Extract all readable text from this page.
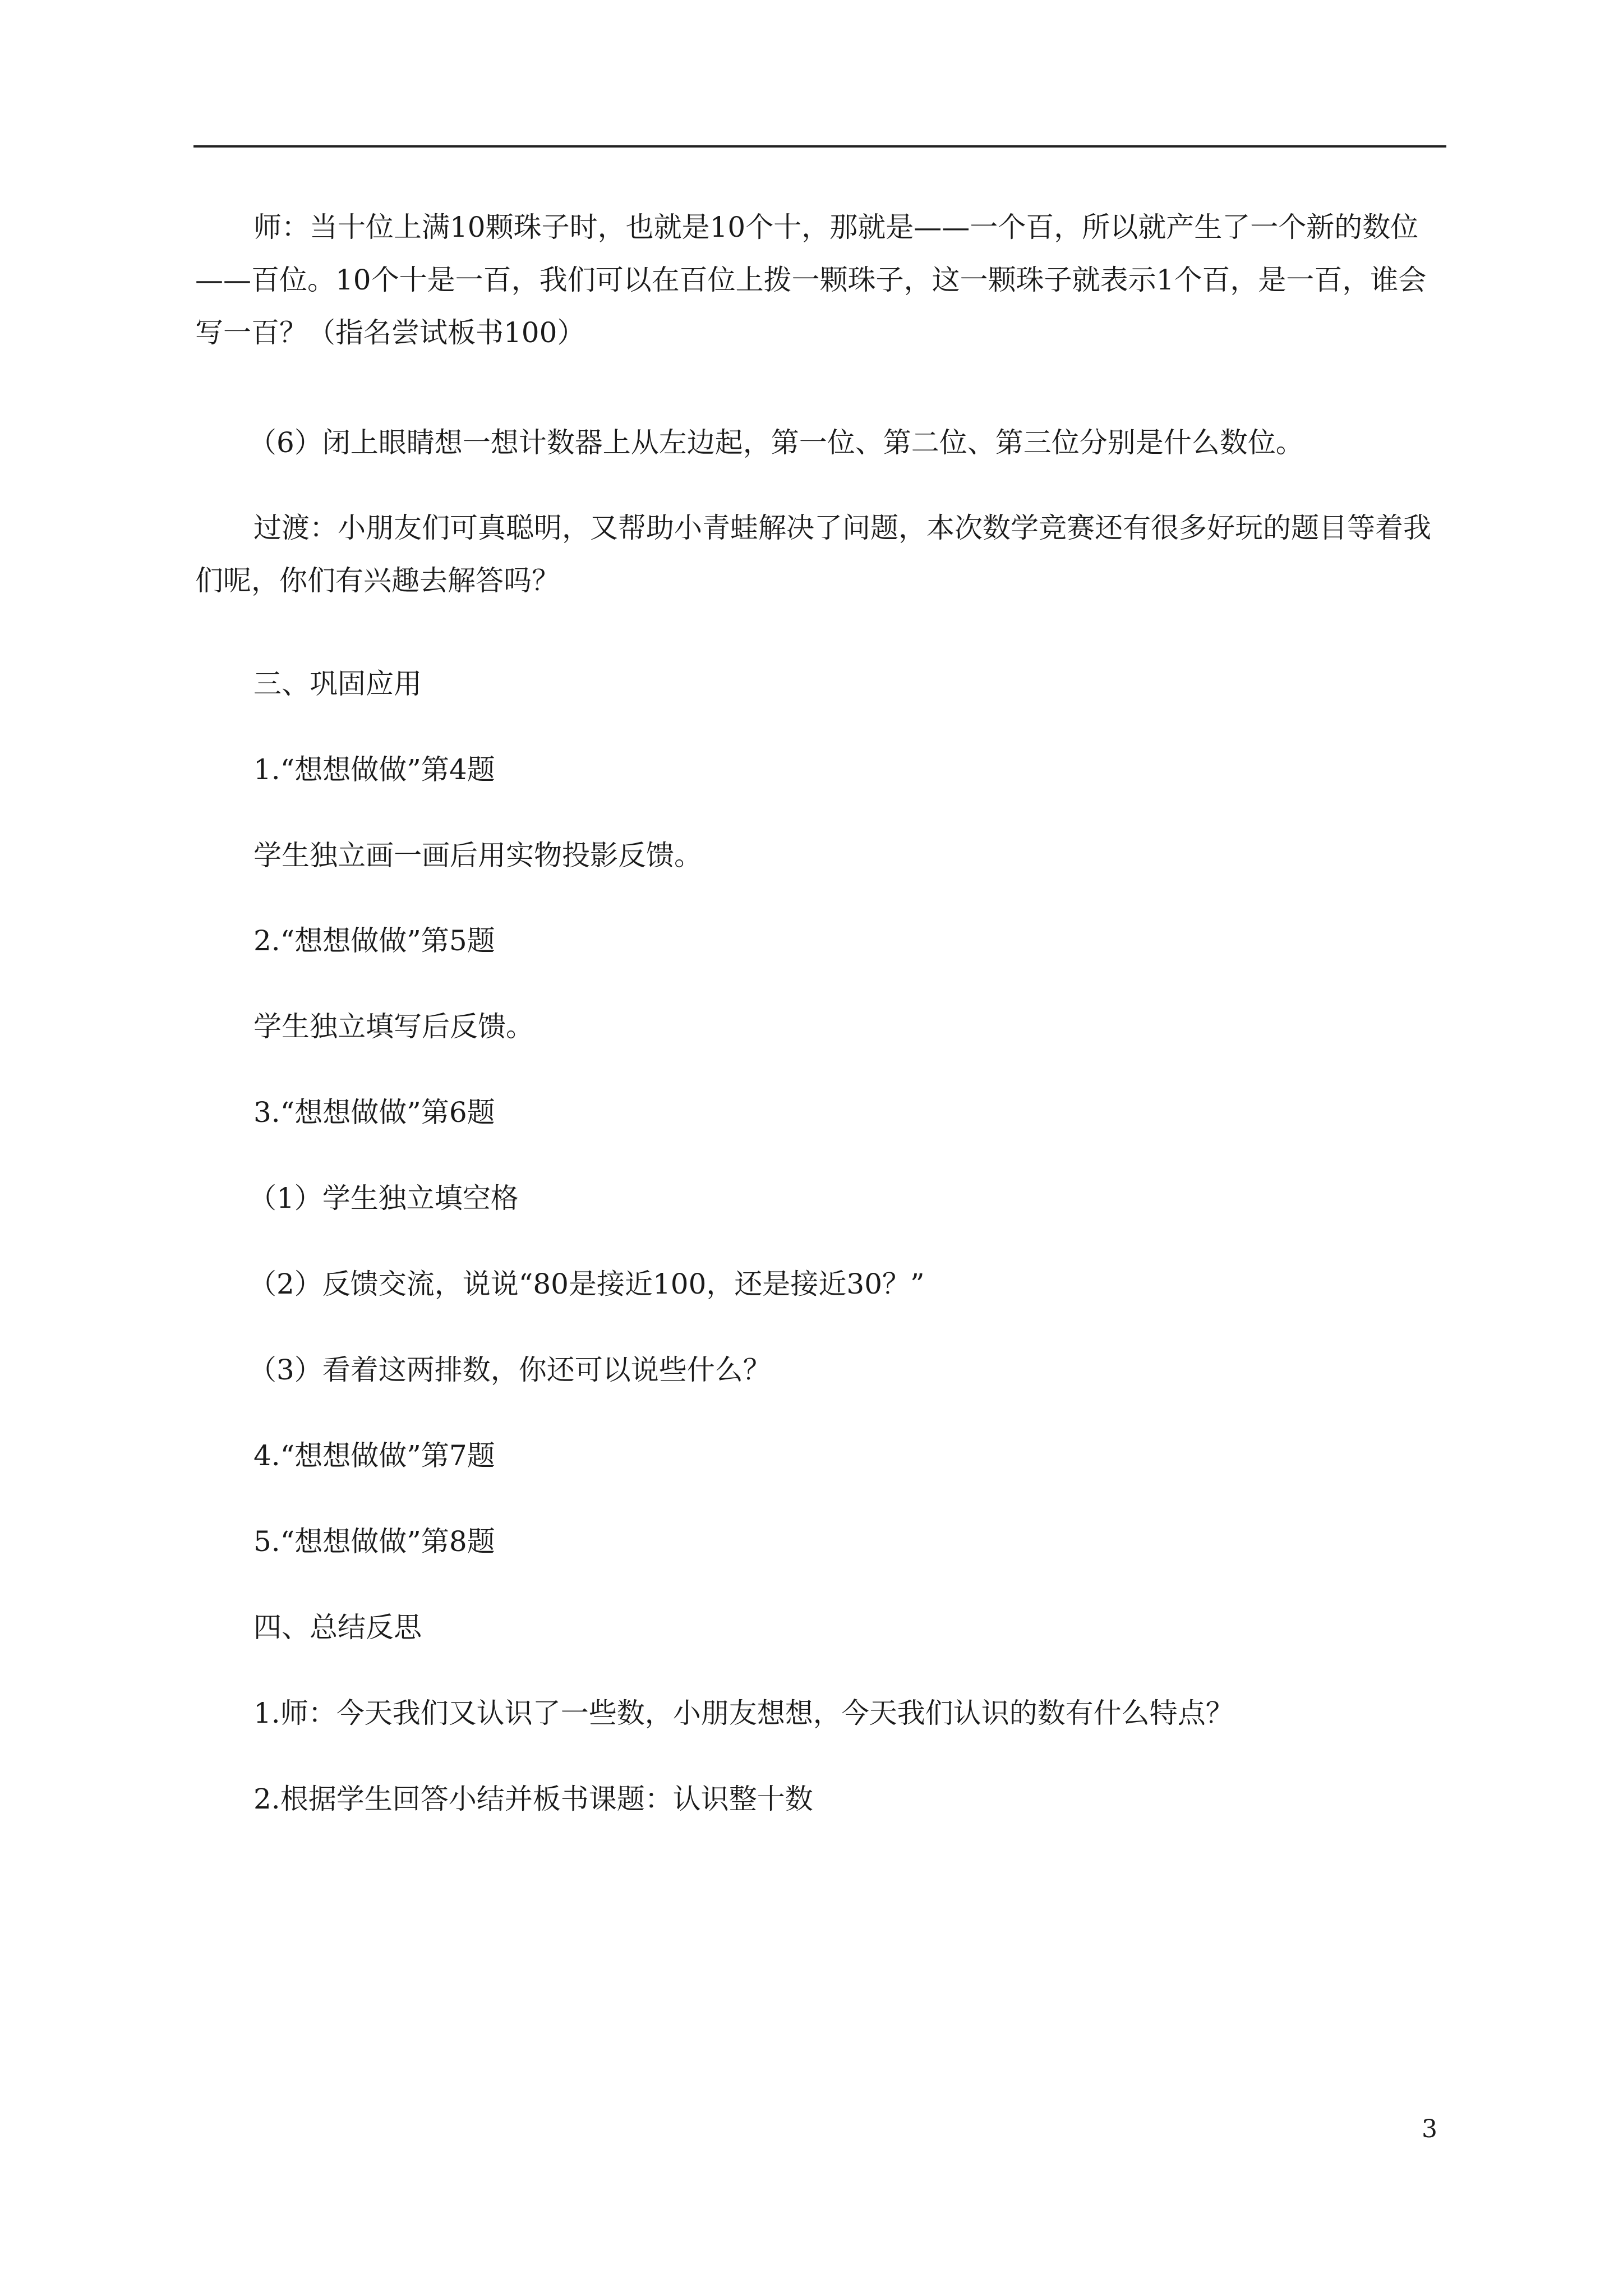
师：当十位上满10颗珠子时，也就是10个十，那就是——一个百，所以就产生了一个新的数位——百位。10个十是一百，我们可以在百位上拨一颗珠子，这一颗珠子就表示1个百，是一百，谁会写一百？（指名尝试板书100）

（6）闭上眼睛想一想计数器上从左边起，第一位、第二位、第三位分别是什么数位。

过渡：小朋友们可真聪明，又帮助小青蛙解决了问题，本次数学竞赛还有很多好玩的题目等着我们呢，你们有兴趣去解答吗？

三、巩固应用

1.“想想做做”第4题

学生独立画一画后用实物投影反馈。

2.“想想做做”第5题

学生独立填写后反馈。

3.“想想做做”第6题

（1）学生独立填空格

（2）反馈交流，说说“80是接近100，还是接近30？”

（3）看着这两排数，你还可以说些什么？

4.“想想做做”第7题

5.“想想做做”第8题

四、总结反思

1.师：今天我们又认识了一些数，小朋友想想，今天我们认识的数有什么特点？

2.根据学生回答小结并板书课题：认识整十数

3
